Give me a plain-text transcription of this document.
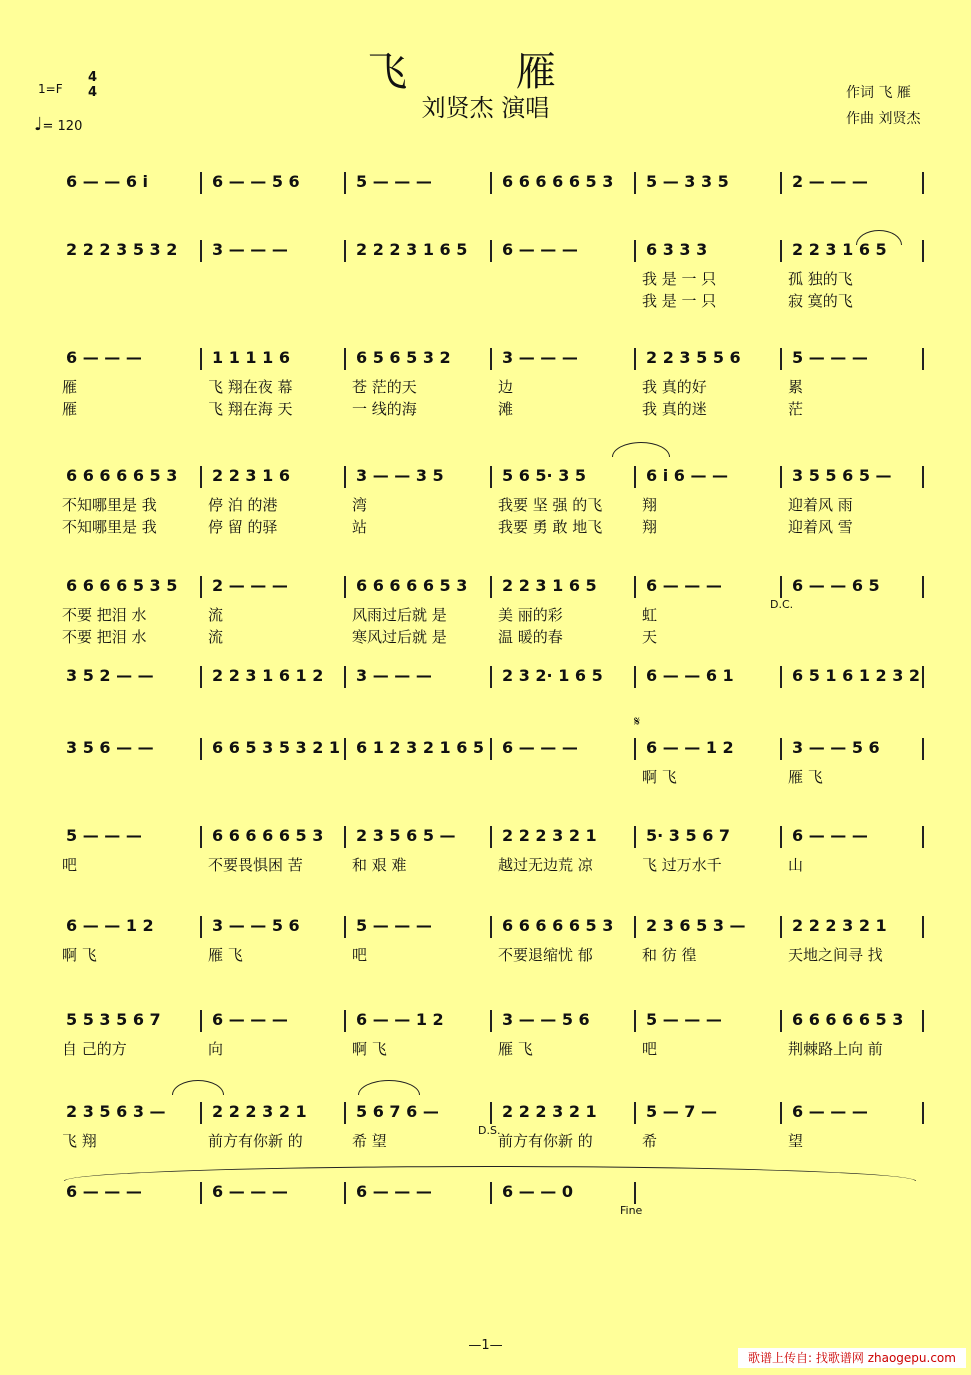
飞 雁
刘贤杰 演唱
1=F
4
4
♩= 120
作词 飞 雁
作曲 刘贤杰
6 — — 6 i	6 — — 5 6	5 — — —	6 6 6 6 6 5 3 5 — 3 3 5	2 — — —
2 2 2 3 5 3 2 3 — — —	2 2 2 3 1 6 5 6 — — —	6 3 3 3	2 2 3 1 6 5
我 是 一 只	孤 独的飞
我 是 一 只	寂 寞的飞
6 — — —	1 1 1 1 6	6 5 6 5 3 2	3 — — —	2 2 3 5 5 6	5 — — —
雁	飞 翔在夜 幕	苍 茫的天	边	我 真的好	累
雁	飞 翔在海 天	一 线的海	滩	我 真的迷	茫
6 6 6 6 6 5 3 2 2 3 1 6	3 — — 3 5	5 6 5· 3 5	6 i 6 — —	3 5 5 6 5 —
不知哪里是 我	停 泊 的港	湾	我要 坚 强 的飞	翔	迎着风 雨
不知哪里是 我	停 留 的驿	站	我要 勇 敢 地飞	翔	迎着风 雪
6 6 6 6 5 3 5 2 — — —	6 6 6 6 6 5 3 2 2 3 1 6 5	6 — — —	6 — — 6 5
不要 把泪 水	流	风雨过后就 是	美 丽的彩	虹
不要 把泪 水	流	寒风过后就 是	温 暖的春	天
3 5 2 — —	2 2 3 1 6 1 2 3 — — —	2 3 2· 1 6 5	6 — — 6 1	6 5 1 6 1 2 3 2
3 5 6 — —	6 6 5 3 5 3 2 1 6 1 2 3 2 1 6 5 6 — — —	6 — — 1 2	3 — — 5 6
啊 飞	雁 飞
5 — — —	6 6 6 6 6 5 3 2 3 5 6 5 —	2 2 2 3 2 1	5· 3 5 6 7	6 — — —
吧	不要畏惧困 苦	和 艰 难	越过无边荒 凉	飞 过万水千	山
6 — — 1 2	3 — — 5 6	5 — — —	6 6 6 6 6 5 3 2 3 6 5 3 —	2 2 2 3 2 1
啊 飞	雁 飞	吧	不要退缩忧 郁	和 彷 徨	天地之间寻 找
5 5 3 5 6 7	6 — — —	6 — — 1 2	3 — — 5 6	5 — — —	6 6 6 6 6 5 3
自 己的方	向	啊 飞	雁 飞	吧	荆棘路上向 前
2 3 5 6 3 —	2 2 2 3 2 1	5 6 7 6 —	2 2 2 3 2 1	5 — 7 —	6 — — —
飞 翔	前方有你新 的	希 望	前方有你新 的	希	望
6 — — —	6 — — —	6 — — —	6 — — 0
—1—
歌谱上传自: 找歌谱网 zhaogepu.com
D.C.
D.S.
Fine
𝄋
